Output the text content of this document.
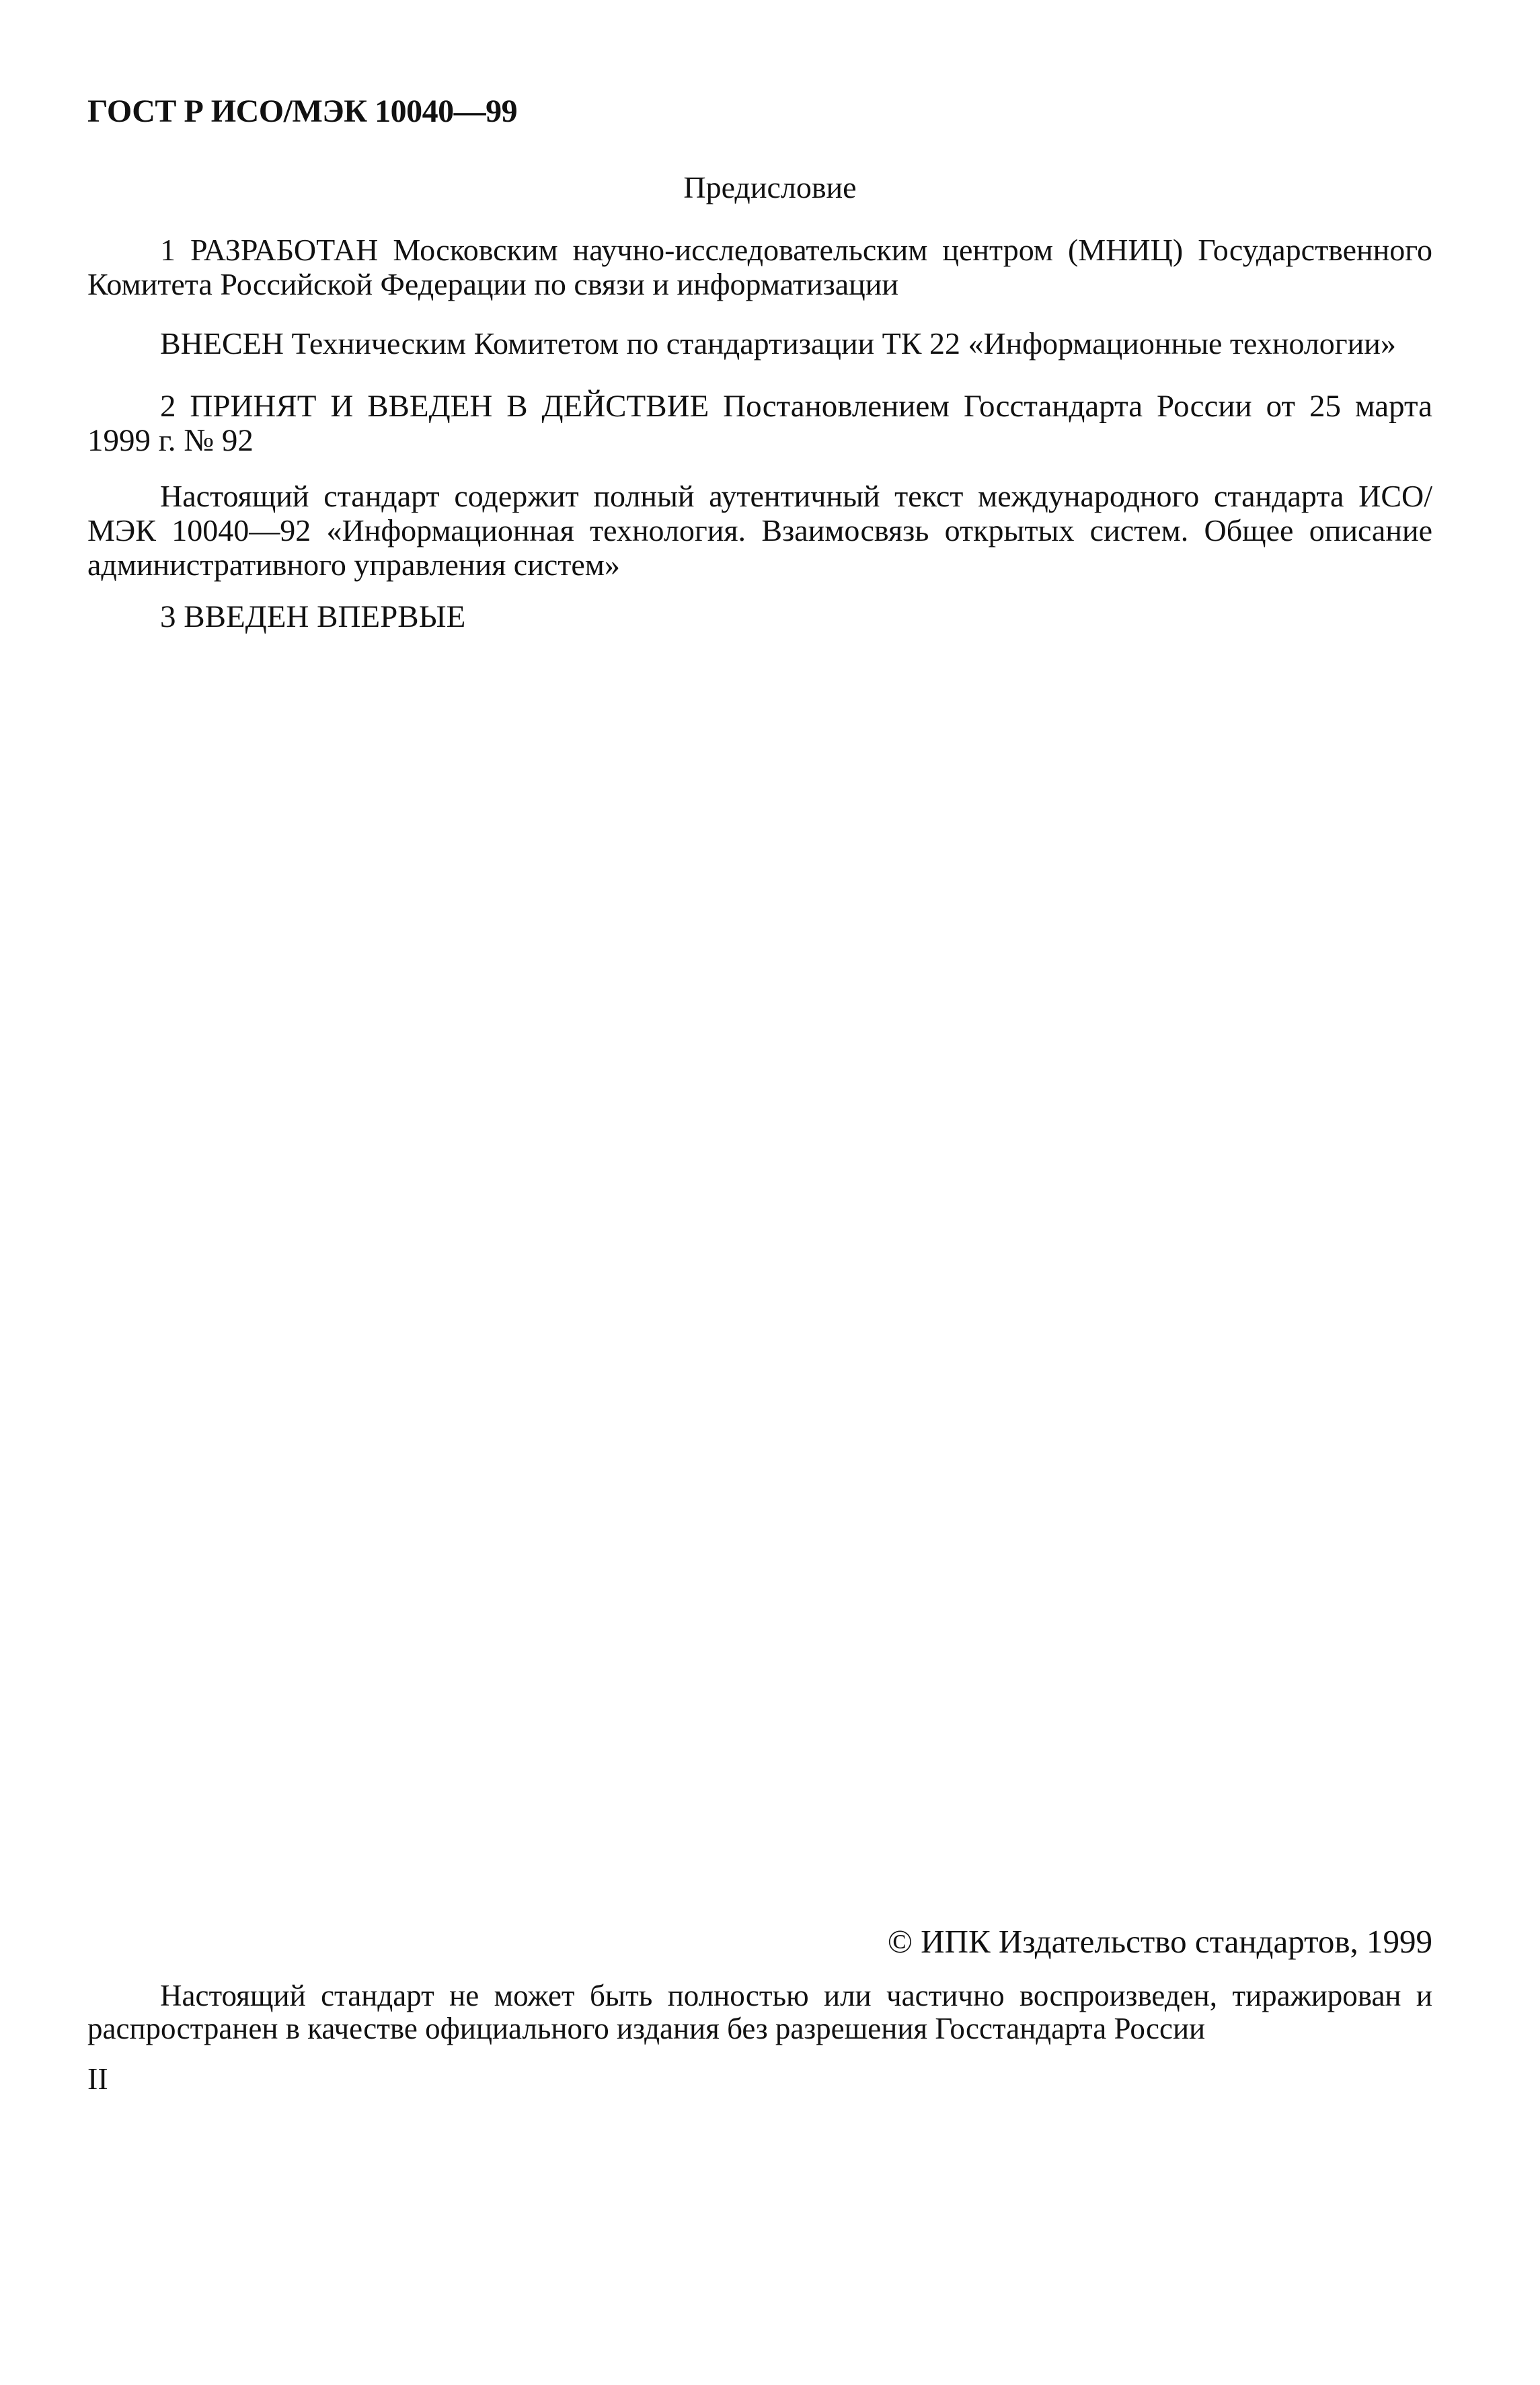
ГОСТ Р ИСО/МЭК 10040—99
Предисловие

1 РАЗРАБОТАН Московским научно-исследовательским центром (МНИЦ) Государственного Комитета Российской Федерации по связи и информатизации

ВНЕСЕН Техническим Комитетом по стандартизации ТК 22 «Информационные технологии»

2 ПРИНЯТ И ВВЕДЕН В ДЕЙСТВИЕ Постановлением Госстандарта России от 25 марта 1999 г. № 92

Настоящий стандарт содержит полный аутентичный текст международного стандарта ИСО/МЭК 10040—92 «Информационная технология. Взаимосвязь открытых систем. Общее описание административного управления систем»

3 ВВЕДЕН ВПЕРВЫЕ

© ИПК Издательство стандартов, 1999

Настоящий стандарт не может быть полностью или частично воспроизведен, тиражирован и распространен в качестве официального издания без разрешения Госстандарта России

II
